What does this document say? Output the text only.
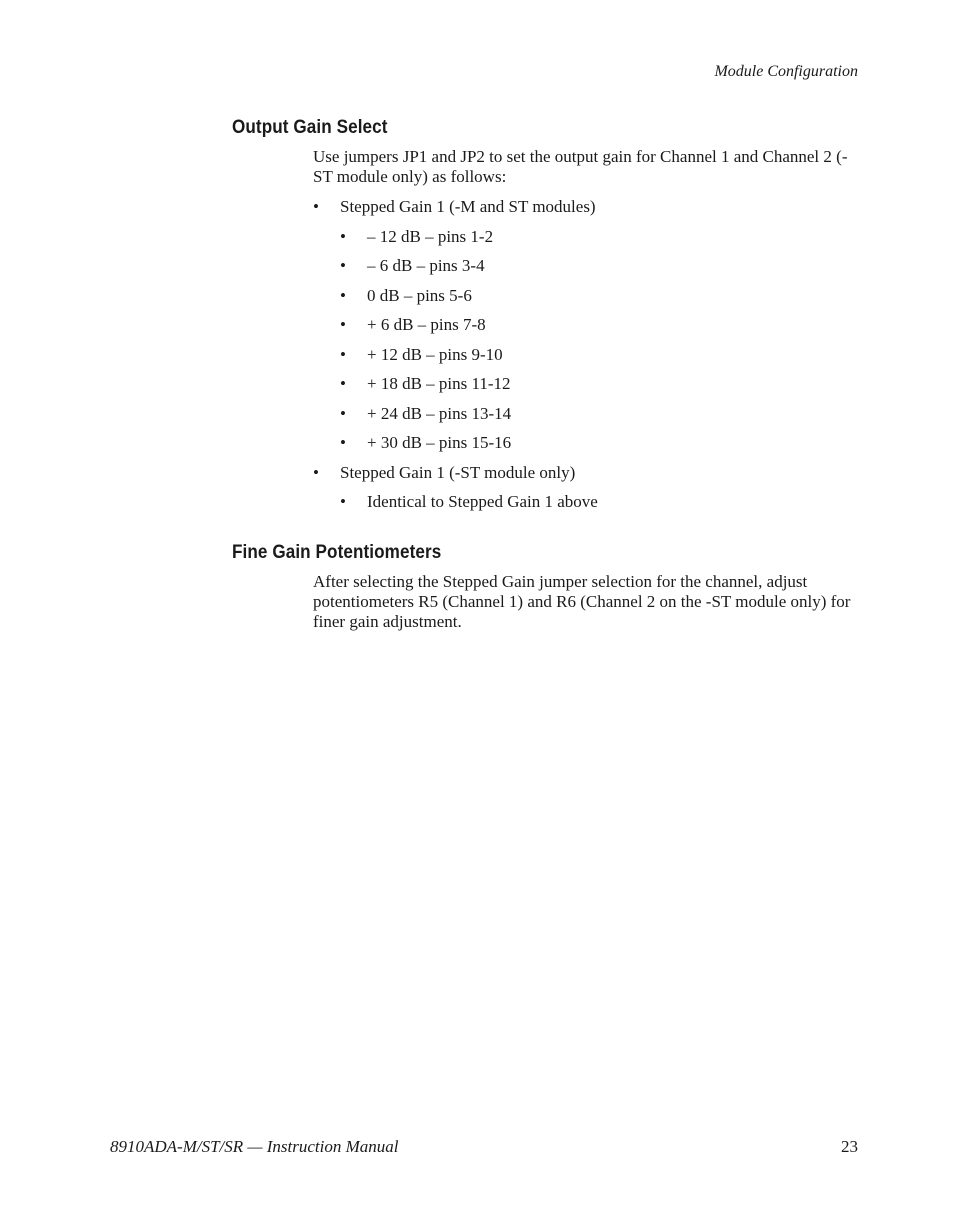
Module Configuration
Output Gain Select

Use jumpers JP1 and JP2 to set the output gain for Channel 1 and Channel 2 (-ST module only) as follows:

• Stepped Gain 1 (-M and ST modules)
• – 12 dB – pins 1-2
• – 6 dB – pins 3-4
• 0 dB – pins 5-6
• + 6 dB – pins 7-8
• + 12 dB – pins 9-10
• + 18 dB – pins 11-12
• + 24 dB – pins 13-14
• + 30 dB – pins 15-16
• Stepped Gain 1 (-ST module only)
• Identical to Stepped Gain 1 above
Fine Gain Potentiometers

After selecting the Stepped Gain jumper selection for the channel, adjust potentiometers R5 (Channel 1) and R6 (Channel 2 on the -ST module only) for finer gain adjustment.

8910ADA-M/ST/SR — Instruction Manual	23
